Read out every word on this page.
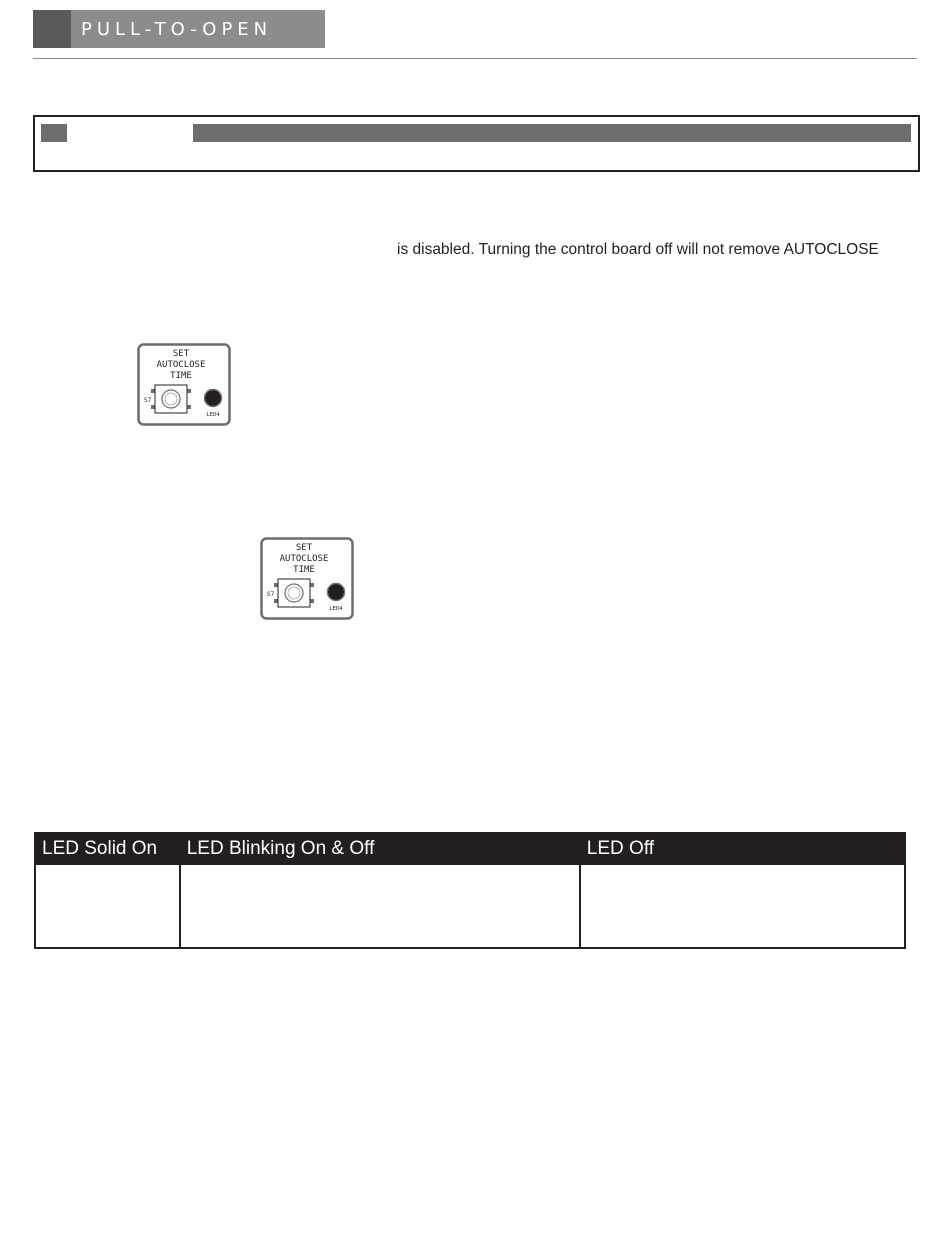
PULL-TO-OPEN
is disabled. Turning the control board off will not remove AUTOCLOSE
SET
AUTOCLOSE
TIME
S7
LED4
SET
AUTOCLOSE
TIME
S7
LED4
LED Solid On	LED Blinking On & Off	LED Off
